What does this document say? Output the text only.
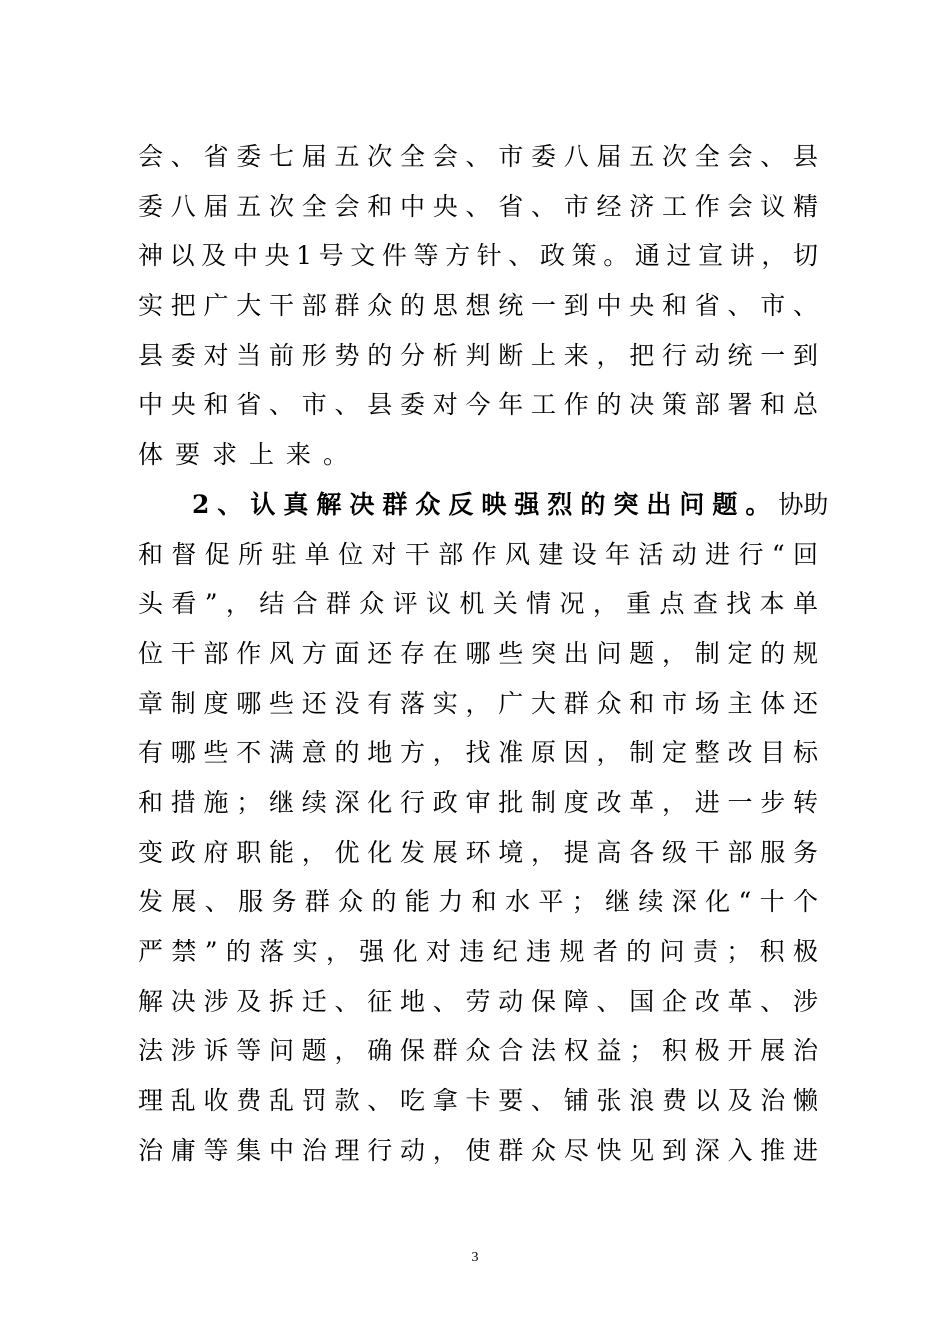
会、省委七届五次全会、市委八届五次全会、县
委八届五次全会和中央、省、市经济工作会议精
神以及中央1号文件等方针、政策。通过宣讲，切
实把广大干部群众的思想统一到中央和省、市、
县委对当前形势的分析判断上来，把行动统一到
中央和省、市、县委对今年工作的决策部署和总
体要求上来。
2、认真解决群众反映强烈的突出问题。协助
和督促所驻单位对干部作风建设年活动进行“回
头看”，结合群众评议机关情况，重点查找本单
位干部作风方面还存在哪些突出问题，制定的规
章制度哪些还没有落实，广大群众和市场主体还
有哪些不满意的地方，找准原因，制定整改目标
和措施；继续深化行政审批制度改革，进一步转
变政府职能，优化发展环境，提高各级干部服务
发展、服务群众的能力和水平；继续深化“十个
严禁”的落实，强化对违纪违规者的问责；积极
解决涉及拆迁、征地、劳动保障、国企改革、涉
法涉诉等问题，确保群众合法权益；积极开展治
理乱收费乱罚款、吃拿卡要、铺张浪费以及治懒
治庸等集中治理行动，使群众尽快见到深入推进
3
